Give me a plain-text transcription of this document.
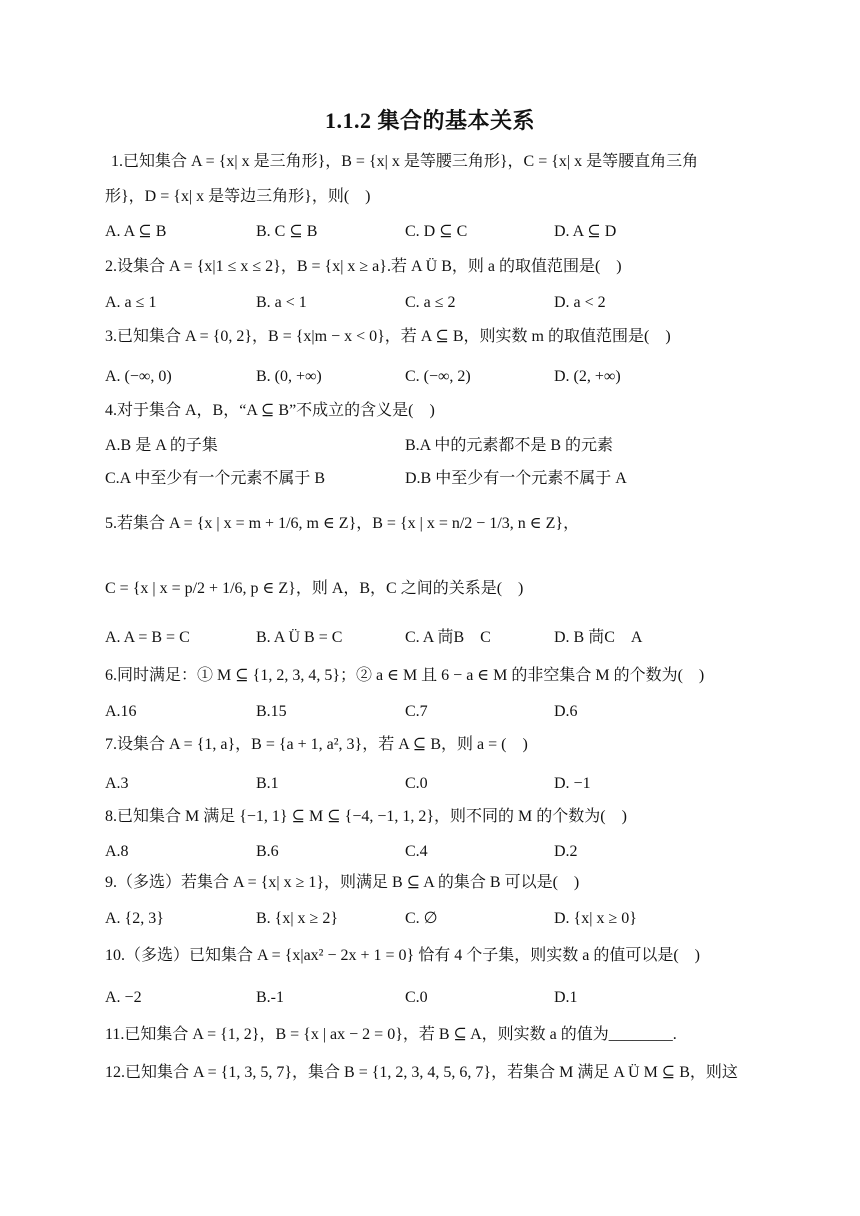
1.1.2 集合的基本关系
1.已知集合 A = {x| x 是三角形}，B = {x| x 是等腰三角形}，C = {x| x 是等腰直角三角
形}，D = {x| x 是等边三角形}，则(　)
A. A ⊆ B	B. C ⊆ B	C. D ⊆ C	D. A ⊆ D
2.设集合 A = {x|1 ≤ x ≤ 2}，B = {x| x ≥ a}.若 A Ü B，则 a 的取值范围是(　)
A. a ≤ 1	B. a < 1	C. a ≤ 2	D. a < 2
3.已知集合 A = {0, 2}，B = {x|m − x < 0}，若 A ⊆ B，则实数 m 的取值范围是(　)
A. (−∞, 0)	B. (0, +∞)	C. (−∞, 2)	D. (2, +∞)
4.对于集合 A，B，“A ⊆ B”不成立的含义是(　)
A.B 是 A 的子集	B.A 中的元素都不是 B 的元素
C.A 中至少有一个元素不属于 B	D.B 中至少有一个元素不属于 A
5.若集合 A = {x | x = m + 1/6, m ∈ Z}，B = {x | x = n/2 − 1/3, n ∈ Z}，
C = {x | x = p/2 + 1/6, p ∈ Z}，则 A，B，C 之间的关系是(　)
A. A = B = C	B. A Ü B = C	C. A 茼B　C	D. B 茼C　A
6.同时满足：① M ⊆ {1, 2, 3, 4, 5}；② a ∈ M 且 6 − a ∈ M 的非空集合 M 的个数为(　)
A.16	B.15	C.7	D.6
7.设集合 A = {1, a}，B = {a + 1, a², 3}，若 A ⊆ B，则 a = (　)
A.3	B.1	C.0	D. −1
8.已知集合 M 满足 {−1, 1} ⊆ M ⊆ {−4, −1, 1, 2}，则不同的 M 的个数为(　)
A.8	B.6	C.4	D.2
9.（多选）若集合 A = {x| x ≥ 1}，则满足 B ⊆ A 的集合 B 可以是(　)
A. {2, 3}	B. {x| x ≥ 2}	C. ∅	D. {x| x ≥ 0}
10.（多选）已知集合 A = {x|ax² − 2x + 1 = 0} 恰有 4 个子集，则实数 a 的值可以是(　)
A. −2	B.-1	C.0	D.1
11.已知集合 A = {1, 2}，B = {x | ax − 2 = 0}，若 B ⊆ A，则实数 a 的值为________.
12.已知集合 A = {1, 3, 5, 7}，集合 B = {1, 2, 3, 4, 5, 6, 7}，若集合 M 满足 A Ü M ⊆ B，则这
